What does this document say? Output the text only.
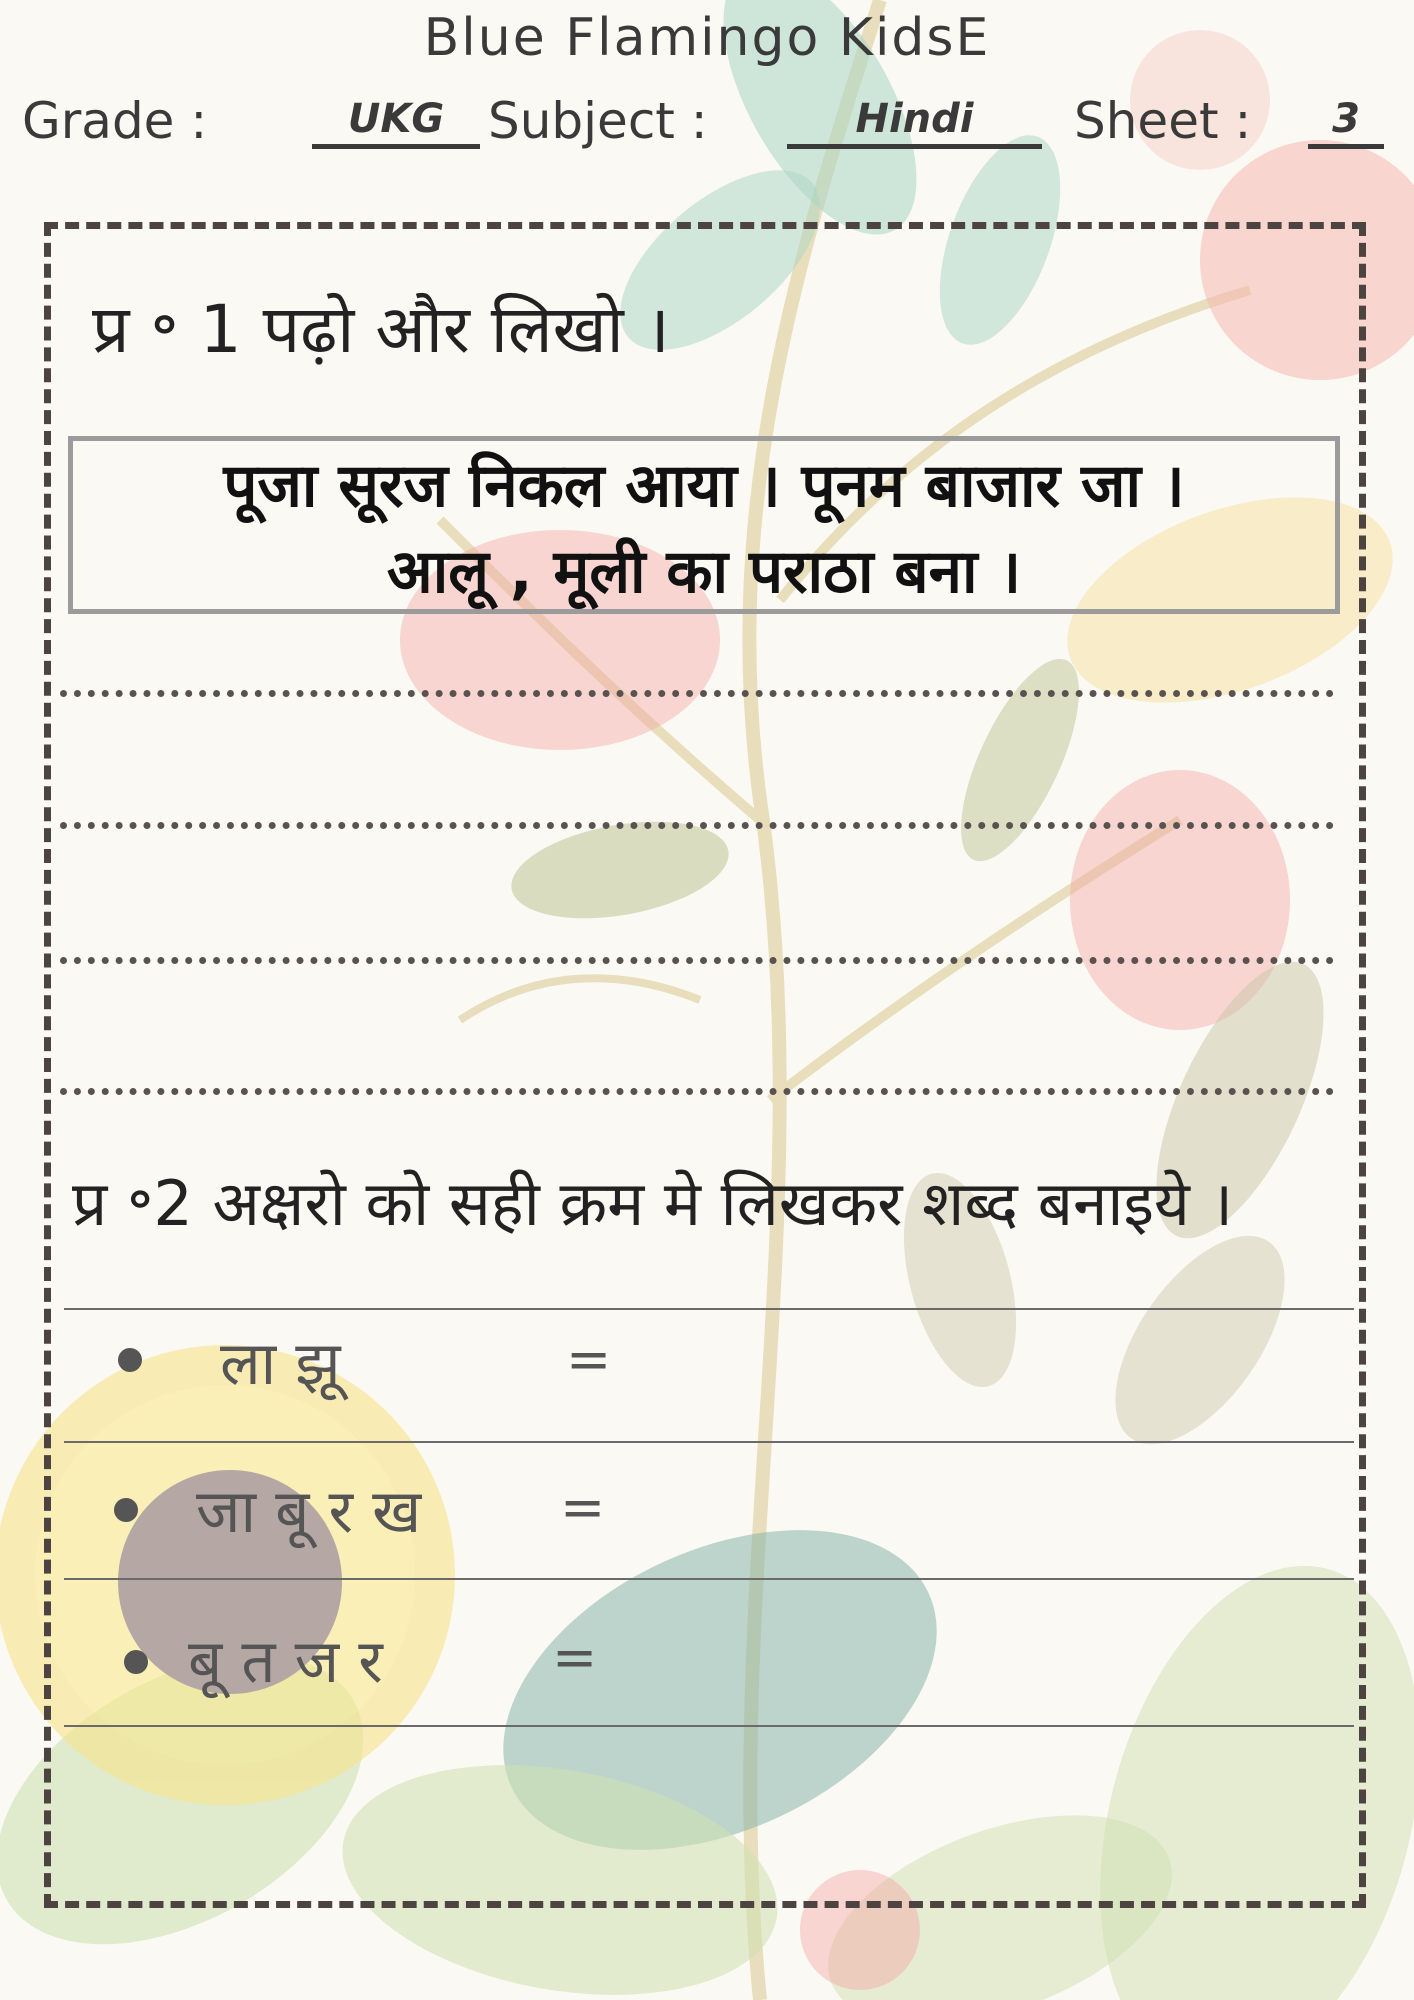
Blue Flamingo KidsE
Grade :	UKG Subject :	Hindi	Sheet :	3
प्र ॰ 1 पढ़ो और लिखो ।
पूजा सूरज निकल आया । पूनम बाजार जा ।
आलू , मूली का पराठा बना ।
प्र ॰2 अक्षरो को सही क्रम मे लिखकर शब्द बनाइये ।
ला झू	=
जा बू र ख	=
बू त ज र	=
